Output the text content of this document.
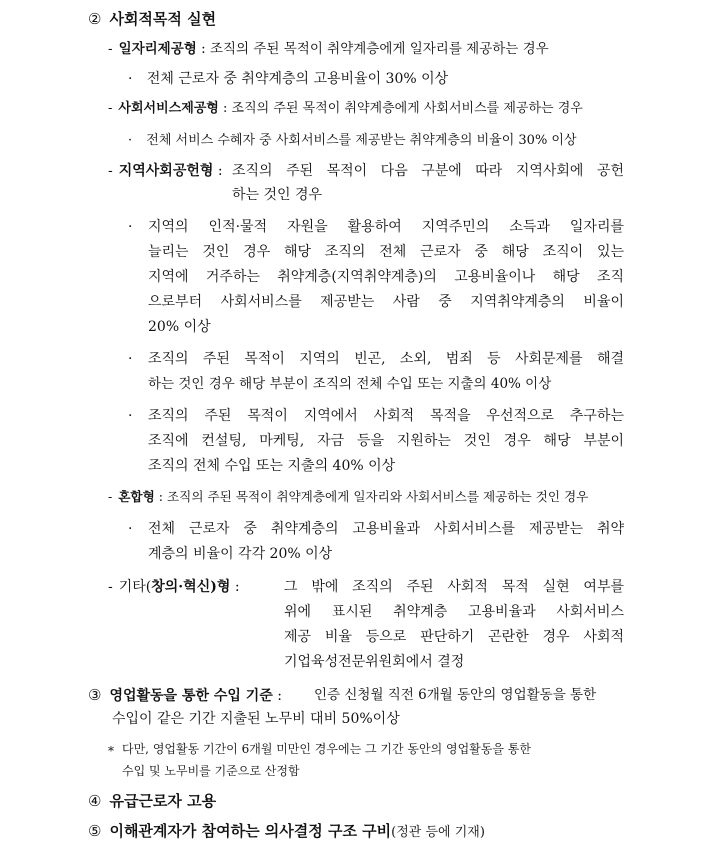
② 사회적목적 실현
- 일자리제공형 : 조직의 주된 목적이 취약계층에게 일자리를 제공하는 경우
· 전체 근로자 중 취약계층의 고용비율이 30% 이상
- 사회서비스제공형 : 조직의 주된 목적이 취약계층에게 사회서비스를 제공하는 경우
· 전체 서비스 수혜자 중 사회서비스를 제공받는 취약계층의 비율이 30% 이상
- 지역사회공헌형 : 조직의 주된 목적이 다음 구분에 따라 지역사회에 공헌
하는 것인 경우
· 지역의 인적·물적 자원을 활용하여 지역주민의 소득과 일자리를
늘리는 것인 경우 해당 조직의 전체 근로자 중 해당 조직이 있는
지역에 거주하는 취약계층(지역취약계층)의 고용비율이나 해당 조직
으로부터 사회서비스를 제공받는 사람 중 지역취약계층의 비율이
20% 이상
· 조직의 주된 목적이 지역의 빈곤, 소외, 범죄 등 사회문제를 해결
하는 것인 경우 해당 부분이 조직의 전체 수입 또는 지출의 40% 이상
· 조직의 주된 목적이 지역에서 사회적 목적을 우선적으로 추구하는
조직에 컨설팅, 마케팅, 자금 등을 지원하는 것인 경우 해당 부분이
조직의 전체 수입 또는 지출의 40% 이상
- 혼합형 : 조직의 주된 목적이 취약계층에게 일자리와 사회서비스를 제공하는 것인 경우
· 전체 근로자 중 취약계층의 고용비율과 사회서비스를 제공받는 취약
계층의 비율이 각각 20% 이상
- 기타(창의·혁신)형 :	그 밖에 조직의 주된 사회적 목적 실현 여부를
위에 표시된 취약계층 고용비율과 사회서비스
제공 비율 등으로 판단하기 곤란한 경우 사회적
기업육성전문위원회에서 결정
③ 영업활동을 통한 수입 기준 : 인증 신청월 직전 6개월 동안의 영업활동을 통한
수입이 같은 기간 지출된 노무비 대비 50%이상
* 다만, 영업활동 기간이 6개월 미만인 경우에는 그 기간 동안의 영업활동을 통한
수입 및 노무비를 기준으로 산정함
④ 유급근로자 고용
⑤ 이해관계자가 참여하는 의사결정 구조 구비(정관 등에 기재)
